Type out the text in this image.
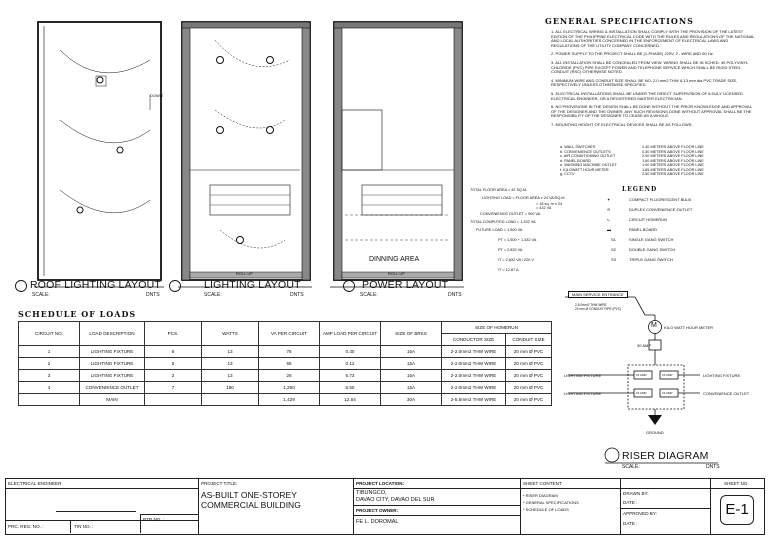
DOWN
ROLL UP	ROLL UP
DINNING AREA
ROOF LIGHTING LAYOUT
SCALE:	DNTS
LIGHTING LAYOUT
SCALE:	DNTS
POWER LAYOUT
SCALE:	DNTS
GENERAL SPECIFICATIONS
1. ALL ELECTRICAL WIRING & INSTALLATION SHALL COMPLY WITH THE PROVISION OF THE LATEST EDITION OF THE PHILIPPINE ELECTRICAL CODE WITH THE RULES AND REGULATIONS OF THE NATIONAL AND LOCAL AUTHORITIES CONCERNED IN THE ENFORCEMENT OF ELECTRICAL LAWS AND REGULATIONS OF THE UTILITY COMPANY CONCERNED.
2. POWER SUPPLY TO THE PROJECT SHALL BE (1-PHASE) 220V, 2 - WIRE AND 60 Hz.
3. ALL INSTALLATION SHALL BE CONCEALED FROM VIEW. WIRING SHALL BE IN SCHED. 40 POLYVINYL CHLORIDE (PVC) PIPE EXCEPT POWER AND TELEPHONE SERVICE WHICH SHALL BE RIGID STEEL CONDUIT (RSC) OTHERWISE NOTED.
4. MINIMUM WIRE AND CONDUIT SIZE SHALL BE NO. 2.0 mm2 THW & 13 mm dia PVC TRADE SIZE, RESPECTIVELY UNLESS OTHERWISE SPECIFIED.
5. ELECTRICAL INSTALLATIONS SHALL BE UNDER THE DIRECT SUPERVISION OF A DULY LICENSED ELECTRICAL ENGINEER, OR A REGISTERED MASTER ELECTRICIAN.
6. NO PROVISIONS IN THE DESIGN SHALL BE DONE WITHOUT THE PRIOR KNOWLEDGE AND APPROVAL OF THE DESIGNER AND THE OWNER. ANY SUCH REVISIONS DONE WITHOUT APPROVAL SHALL BE THE RESPONSIBILITY OF THE DESIGNER TO CEASE AS A WHOLE.
7. MOUNTING HEIGHT OF ELECTRICAL DEVICES SHALL BE AS FOLLOWS:
a. WALL SWITCHES	1.40 METERS ABOVE FLOOR LINE
b. CONVENIENCE OUTLETS	0.30 METERS ABOVE FLOOR LINE
c. AIR CONDITIONING OUTLET	2.00 METERS ABOVE FLOOR LINE
d. PANEL BOARD	1.60 METERS ABOVE FLOOR LINE
e. WASHING MACHINE OUTLET	1.00 METERS ABOVE FLOOR LINE
f. KILOWATT HOUR METER	1.85 METERS ABOVE FLOOR LINE
g. CCTV	2.50 METERS ABOVE FLOOR LINE
TOTAL FLOOR AREA = 42 SQ.M.
LIGHTING LOAD = FLOOR AREA x 24 VA/SQ.M
= 18 sq. m x 24
= 432 VA
CONVENIENCE OUTLET = 900 VA
TOTAL COMPUTED LOAD = 1,332 VA
FUTURE LOAD = 1,500 VA
PT = 1,500 + 1,332 VA
PT = 2,832 VA
IT = 2,832 VA / 220 V
IT = 12.87 A
LEGEND
✦	COMPACT FLUORESCENT BULB
⊖	DUPLEX CONVENIENCE OUTLET
⤷	CIRCUIT HOMERUN
▬	PANEL BOARD
S1	SINGLE GANG SWITCH
S2	DOUBLE GANG SWITCH
S3	TRIPLE GANG SWITCH
SCHEDULE OF LOADS
CIRCUIT NO.	LOAD DESCRIPTION	PCS.	WATTS	VA PER CIRCUIT	AMP LOAD PER CIRCUIT	SIZE OF BRKS	SIZE OF HOMERUN	
							CONDUCTOR SIZE	CONDUIT SIZE
1	LIGHTING FIXTURE	6	13	78	0.30	15A	2-2.0mm2 THW WIRE	20 mm Ø PVC
2	LIGHTING FIXTURE	5	13	65	0.12	15A	2-2.0mm2 THW WIRE	20 mm Ø PVC
3	LIGHTING FIXTURE	2	13	26	5.73	15A	2-2.0mm2 THW WIRE	20 mm Ø PVC
4	CONVENIENCE OUTLET	7	180	1,260	6.50	15A	2-2.0mm2 THW WIRE	20 mm Ø PVC
	MAIN			1,429	12.64	30A	2-5.5mm2 THW WIRE	20 mm Ø PVC
MAIN SERVICE ENTRANCE
2-8.0mm2 THW WIRE
20 mm Ø CONDUIT PIPE (PVC)
M KILO WATT HOUR METER
30 AMP
LIGHTING FIXTURE
LIGHTING FIXTURE
LIGHTING FIXTURE
CONVENIENCE OUTLET
15 AMP	15 AMP
15 AMP	15 AMP
GROUND
RISER DIAGRAM
SCALE:	DNTS
ELECTRICAL ENGINEER
PRC. REG. NO. :	TIN NO. :
PTR NO. :
PROJECT TITLE:
AS-BUILT ONE-STOREY COMMERCIAL BUILDING
PROJECT LOCATION:
TIBUNGCO,
DAVAO CITY, DAVAO DEL SUR
PROJECT OWNER:
FE L. DOROMAL
SHEET CONTENT
* RISER DIAGRAM
* GENERAL SPECIFICATIONS
* SCHEDULE OF LOADS
DRAWN BY:
DATE :
APPROVED BY:
DATE :
SHEET NO.
E-1
